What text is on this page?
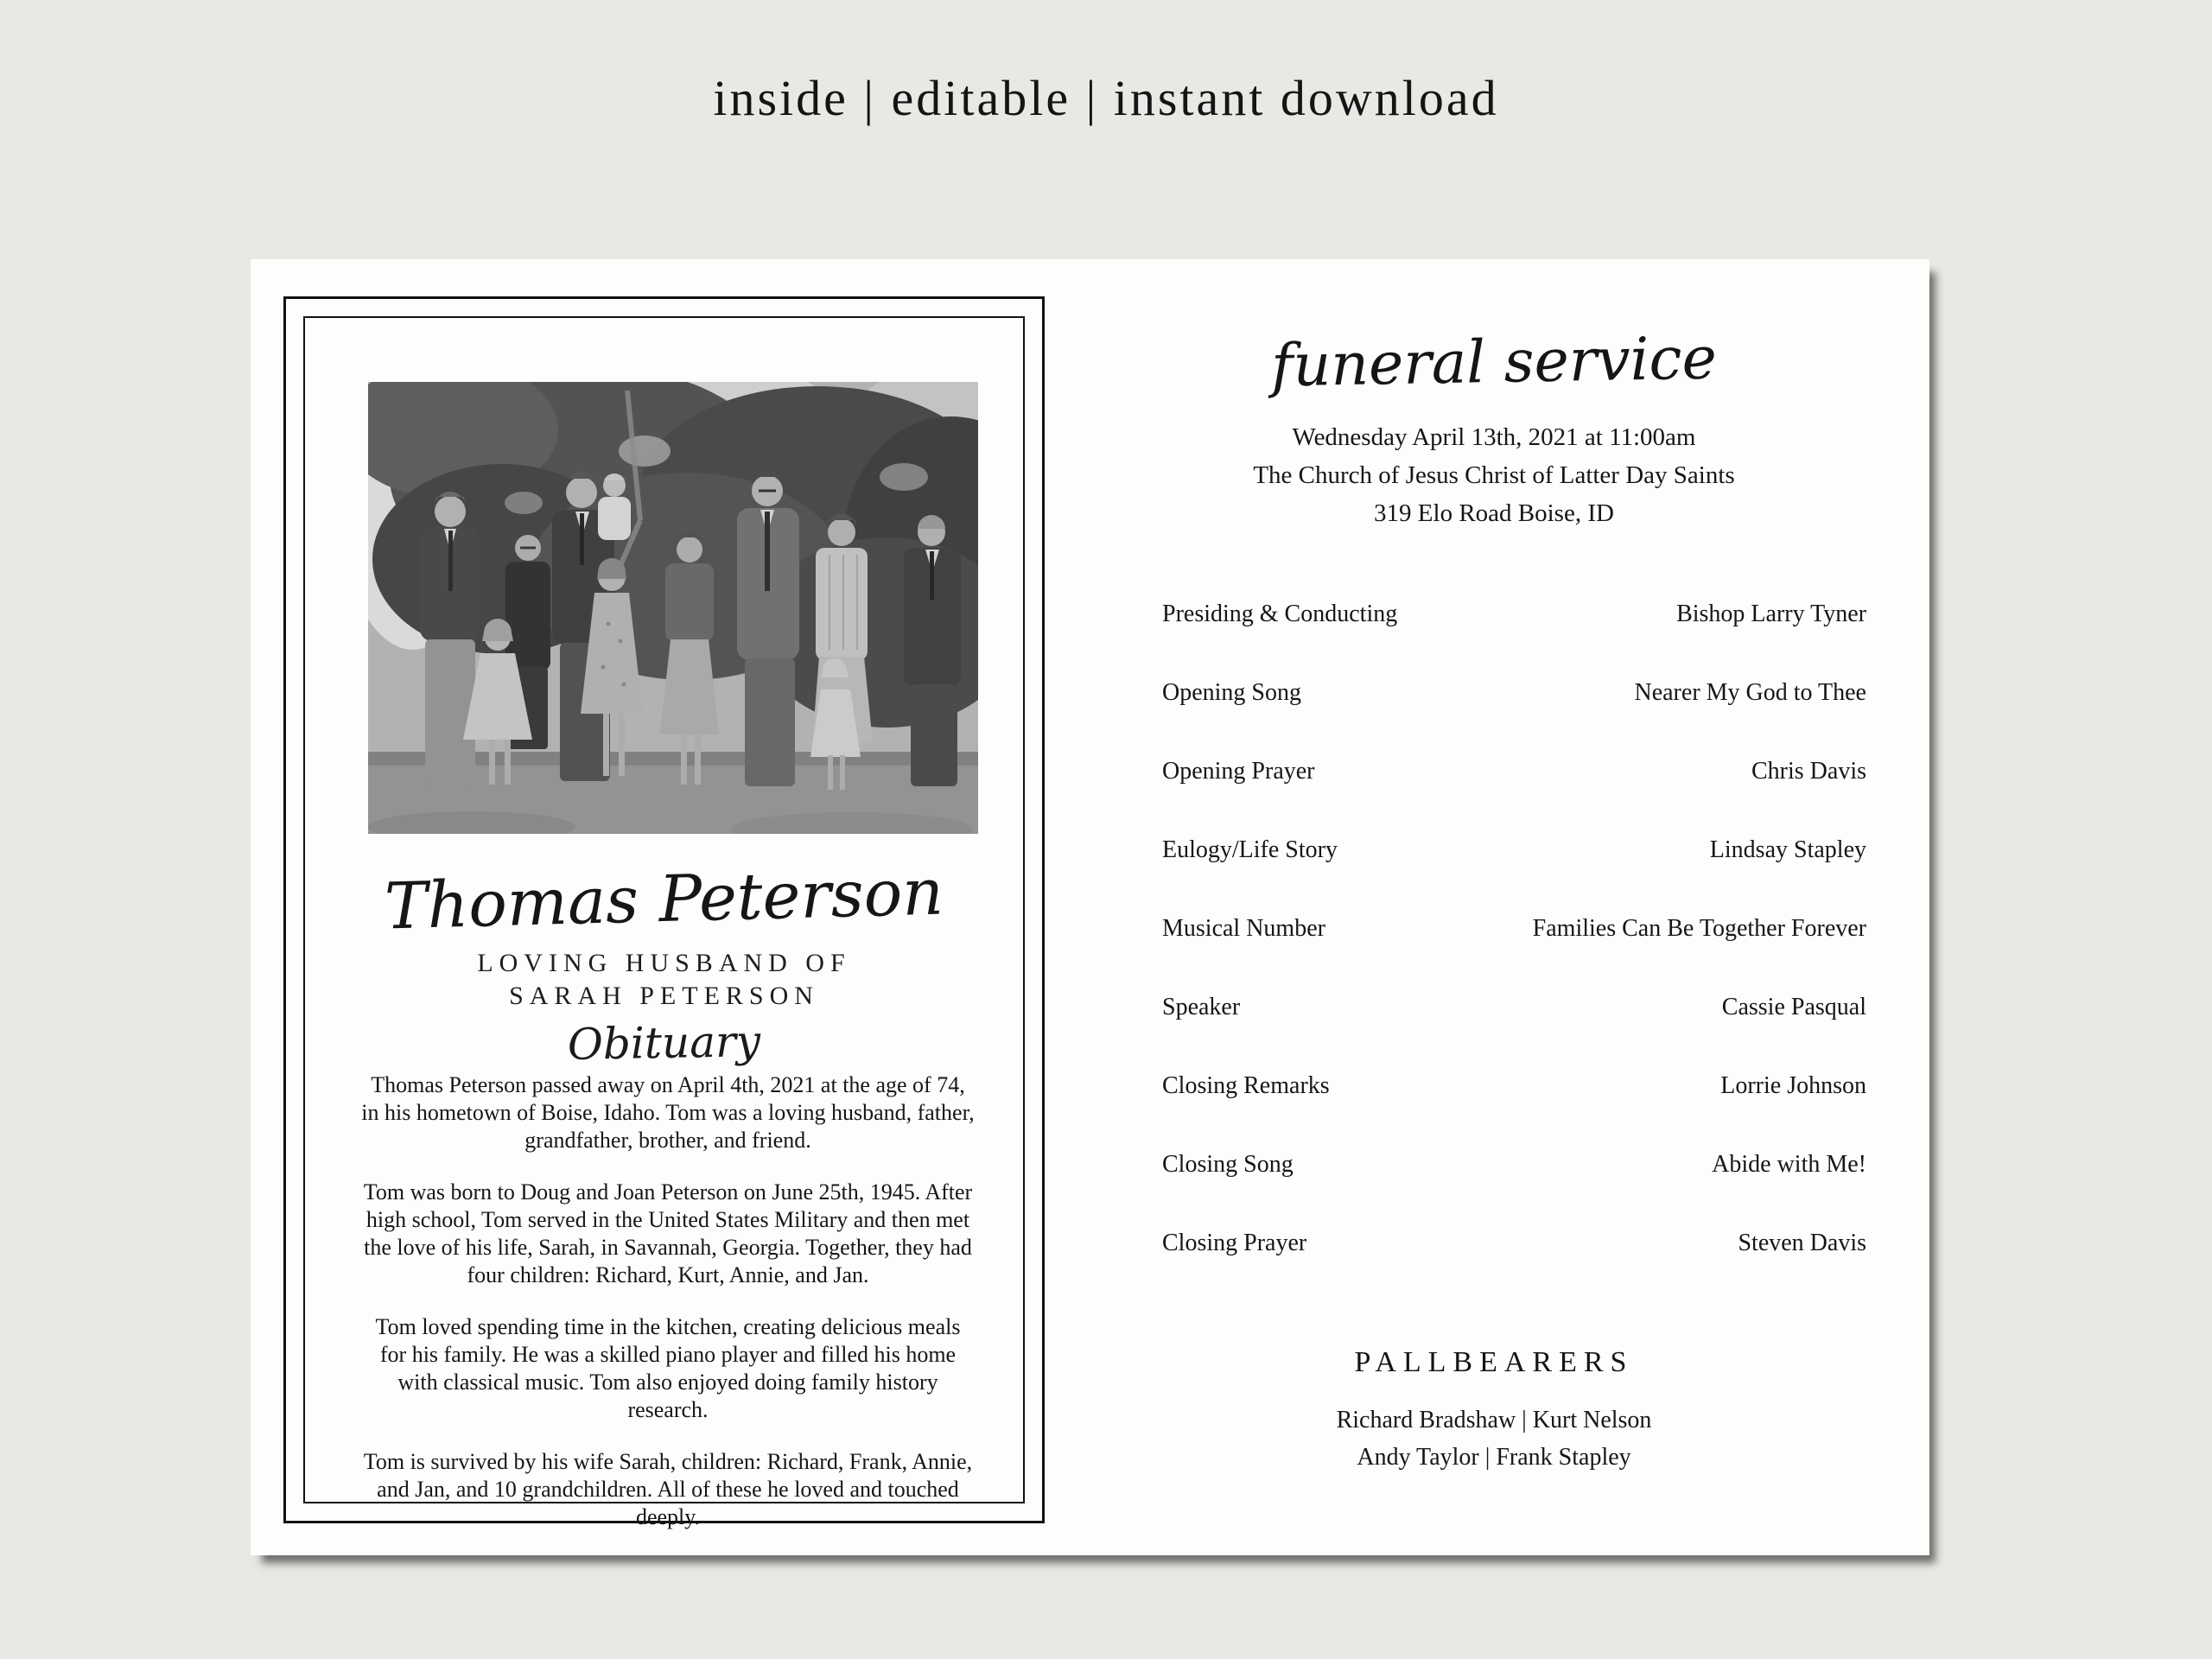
inside | editable | instant download
Thomas Peterson
LOVING HUSBAND OF
SARAH PETERSON
Obituary

Thomas Peterson passed away on April 4th, 2021 at the age of 74, in his hometown of Boise, Idaho. Tom was a loving husband, father, grandfather, brother, and friend.

Tom was born to Doug and Joan Peterson on June 25th, 1945. After high school, Tom served in the United States Military and then met the love of his life, Sarah, in Savannah, Georgia. Together, they had four children: Richard, Kurt, Annie, and Jan.

Tom loved spending time in the kitchen, creating delicious meals for his family. He was a skilled piano player and filled his home with classical music. Tom also enjoyed doing family history research.

Tom is survived by his wife Sarah, children: Richard, Frank, Annie, and Jan, and 10 grandchildren. All of these he loved and touched deeply.

funeral service
Wednesday April 13th, 2021 at 11:00am
The Church of Jesus Christ of Latter Day Saints
319 Elo Road Boise, ID
Presiding & Conducting	Bishop Larry Tyner
Opening Song	Nearer My God to Thee
Opening Prayer	Chris Davis
Eulogy/Life Story	Lindsay Stapley
Musical Number	Families Can Be Together Forever
Speaker	Cassie Pasqual
Closing Remarks	Lorrie Johnson
Closing Song	Abide with Me!
Closing Prayer	Steven Davis
PALLBEARERS
Richard Bradshaw | Kurt Nelson
Andy Taylor | Frank Stapley
